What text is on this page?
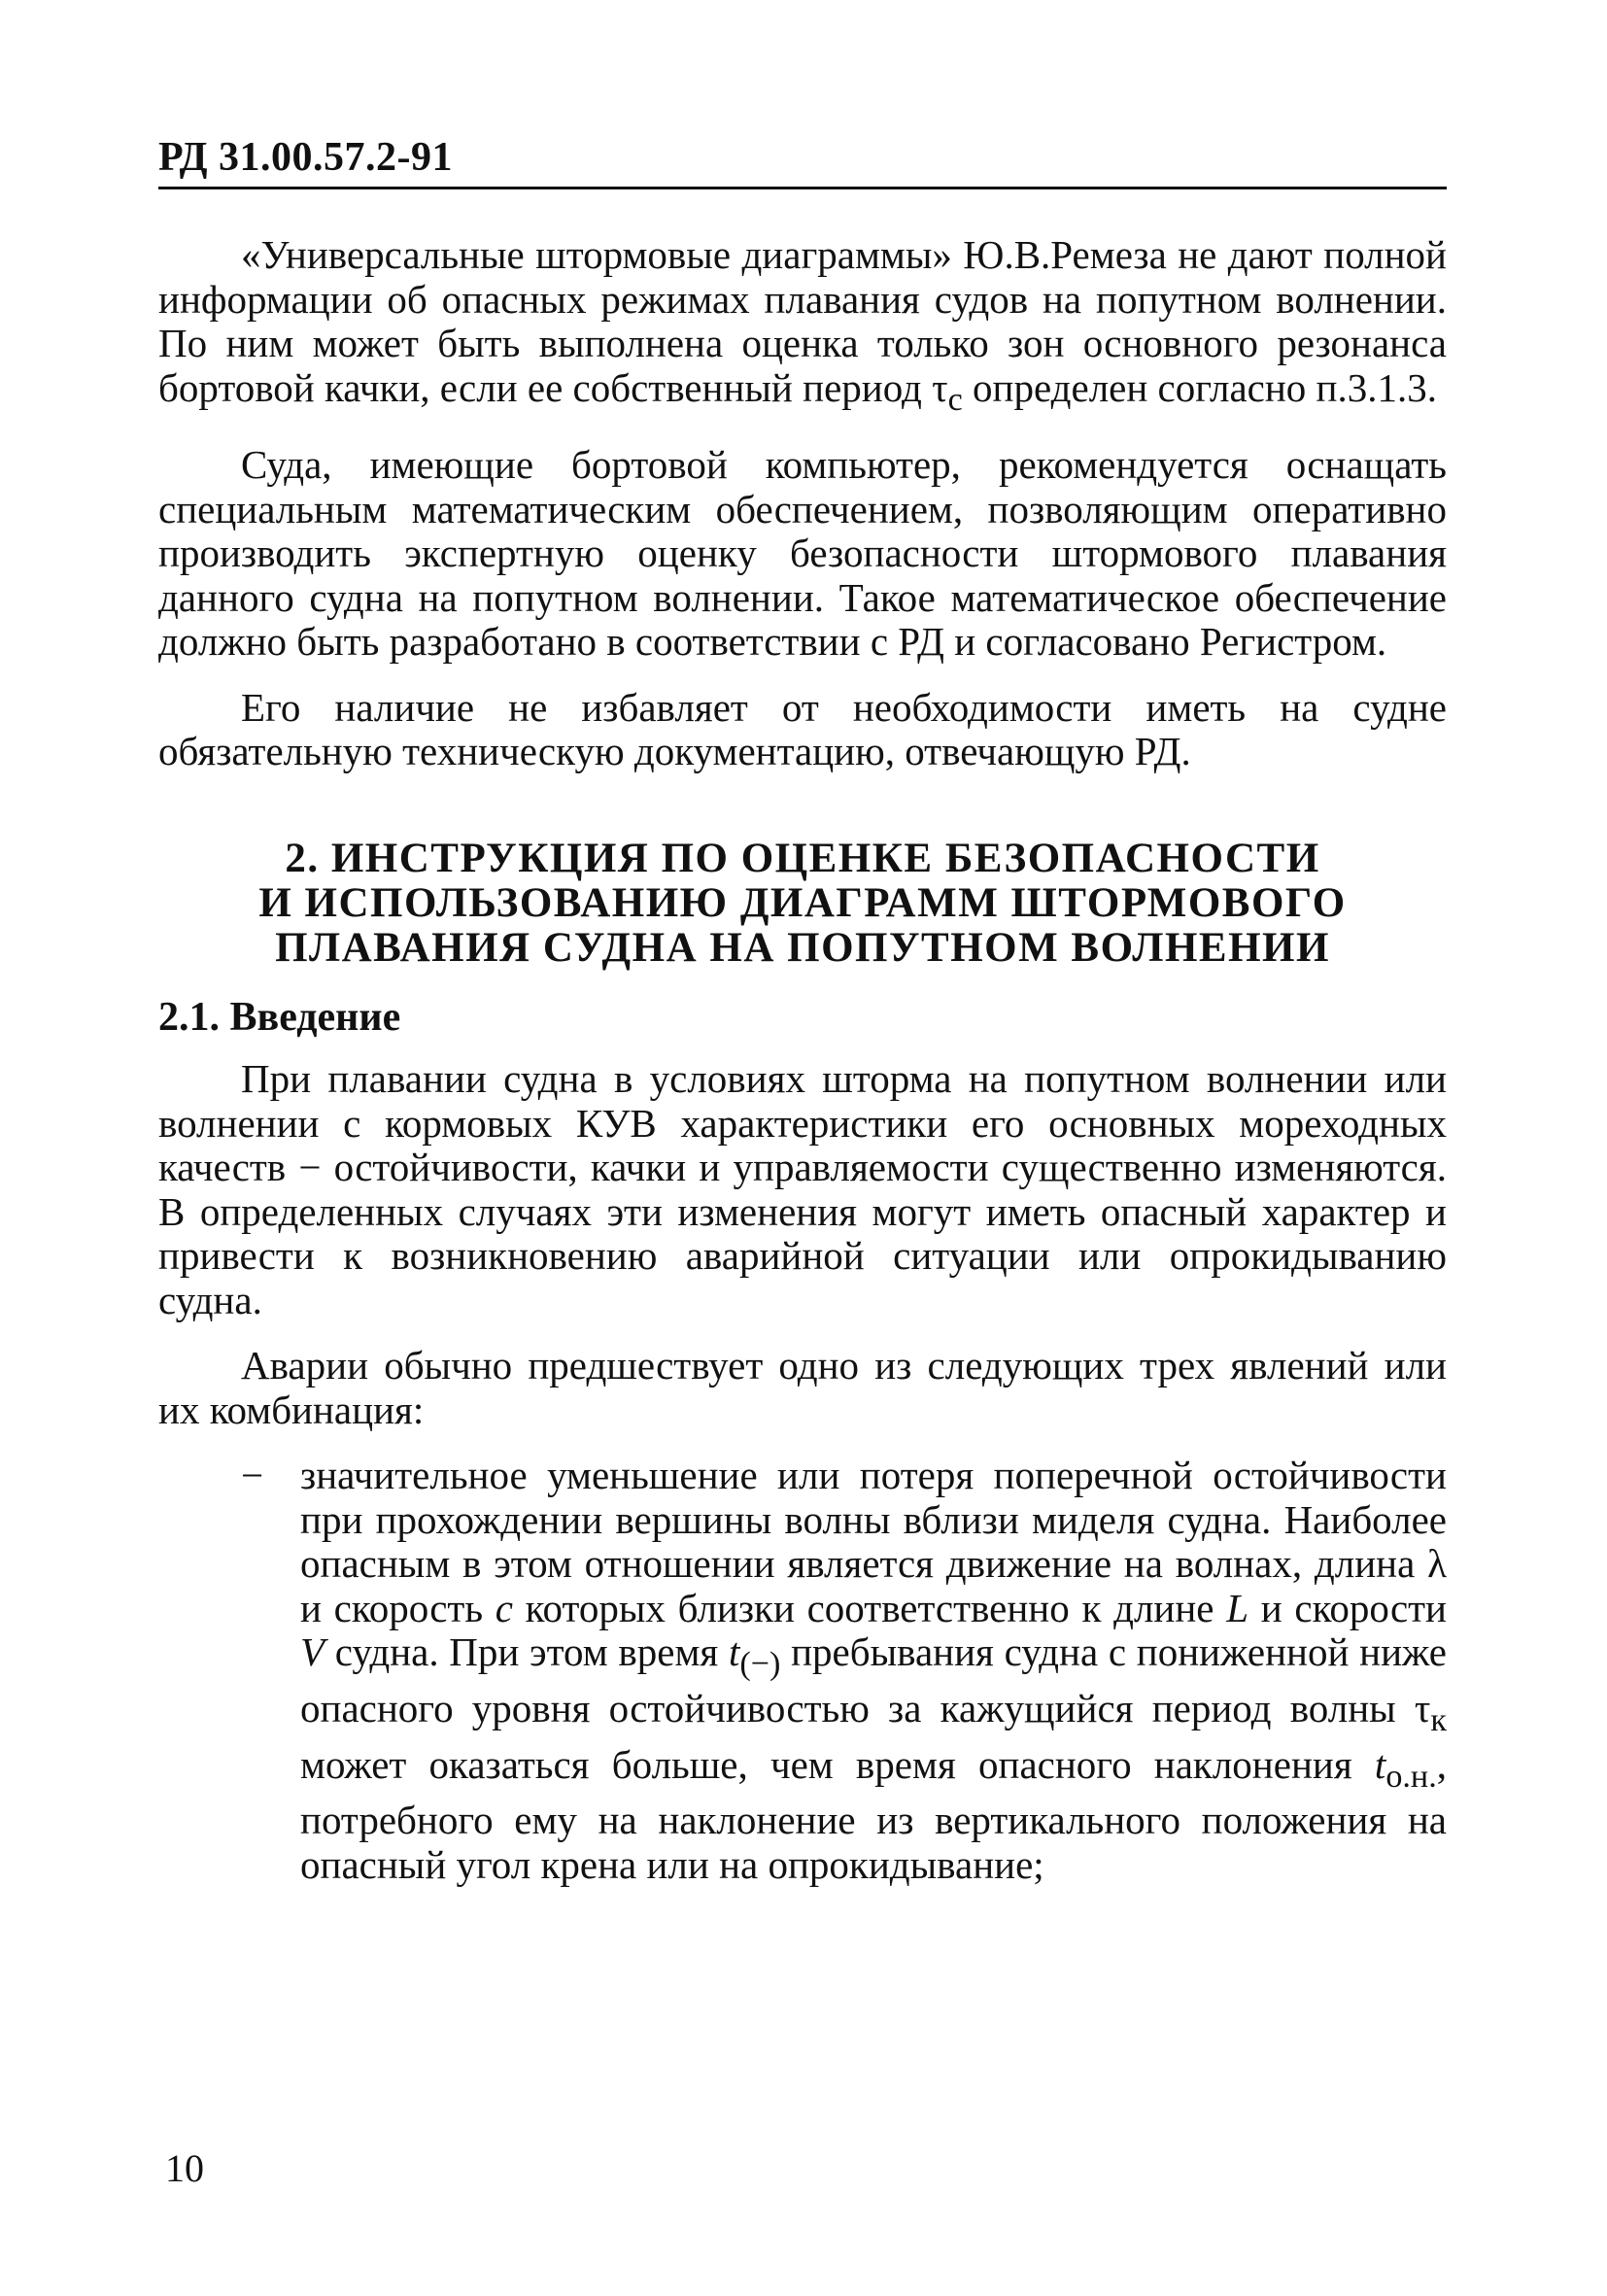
РД 31.00.57.2-91

«Универсальные штормовые диаграммы» Ю.В.Ремеза не дают полной информации об опасных режимах плавания судов на попутном волнении. По ним может быть выполнена оценка только зон основного резонанса бортовой качки, если ее собственный период $\tau_c$ определен согласно п.3.1.3.

Суда, имеющие бортовой компьютер, рекомендуется оснащать специальным математическим обеспечением, позволяющим оперативно производить экспертную оценку безопасности штормового плавания данного судна на попутном волнении. Такое математическое обеспечение должно быть разработано в соответствии с РД и согласовано Регистром.

Его наличие не избавляет от необходимости иметь на судне обязательную техническую документацию, отвечающую РД.

2. ИНСТРУКЦИЯ ПО ОЦЕНКЕ БЕЗОПАСНОСТИ
И ИСПОЛЬЗОВАНИЮ ДИАГРАММ ШТОРМОВОГО
ПЛАВАНИЯ СУДНА НА ПОПУТНОМ ВОЛНЕНИИ
2.1. Введение

При плавании судна в условиях шторма на попутном волнении или волнении с кормовых КУВ характеристики его основных мореходных качеств − остойчивости, качки и управляемости существенно изменяются. В определенных случаях эти изменения могут иметь опасный характер и привести к возникновению аварийной ситуации или опрокидыванию судна.

Аварии обычно предшествует одно из следующих трех явлений или их комбинация:

− значительное уменьшение или потеря поперечной остойчивости при прохождении вершины волны вблизи миделя судна. Наиболее опасным в этом отношении является движение на волнах, длина λ и скорость c которых близки соответственно к длине L и скорости V судна. При этом время $t_{(-)}$ пребывания судна с пониженной ниже опасного уровня остойчивостью за кажущийся период волны $\tau_к$ может оказаться больше, чем время опасного наклонения $t_{о.н.}$, потребного ему на наклонение из вертикального положения на опасный угол крена или на опрокидывание;
10
